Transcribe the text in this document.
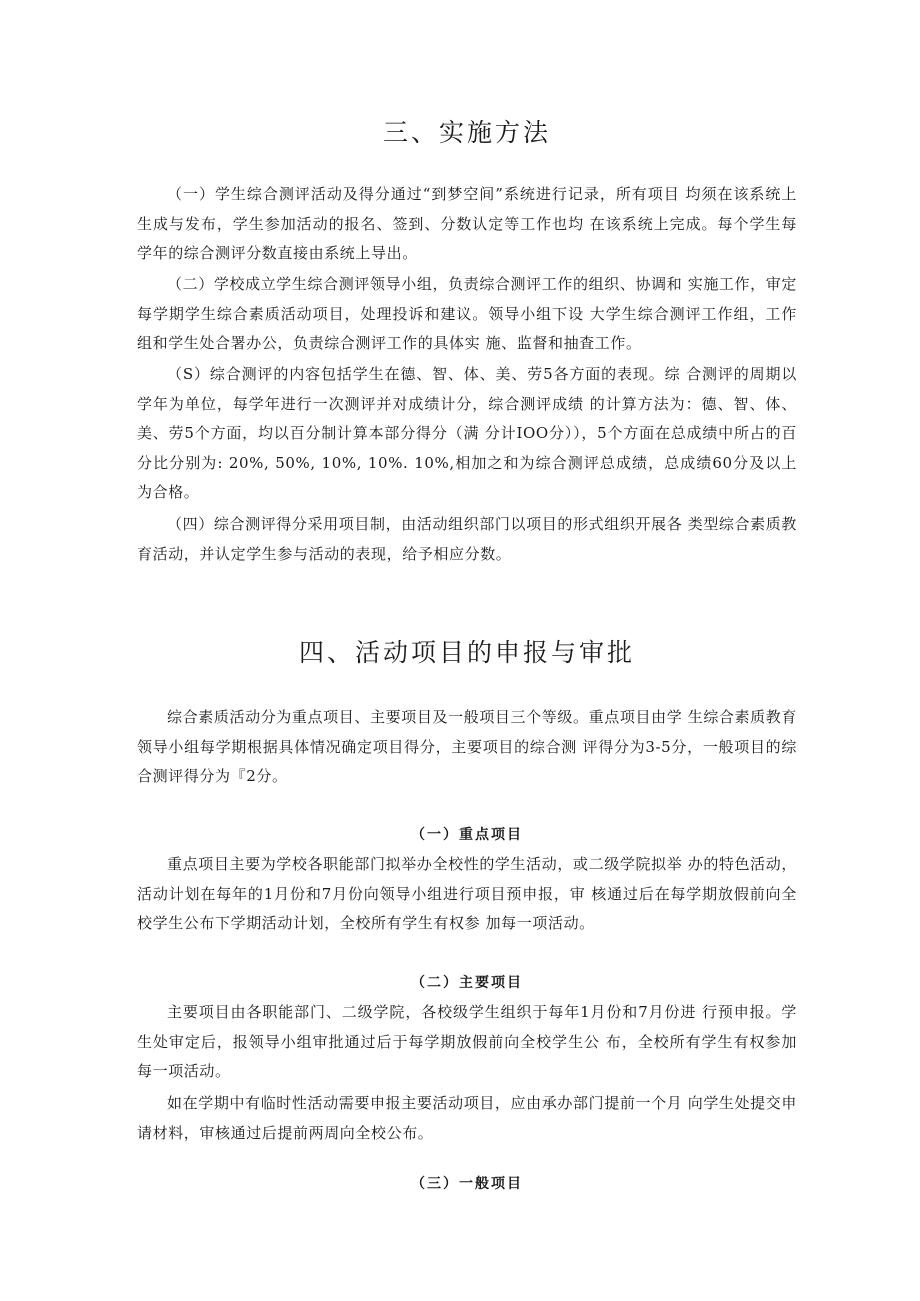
三、实施方法

（一）学生综合测评活动及得分通过“到梦空间”系统进行记录，所有项目 均须在该系统上生成与发布，学生参加活动的报名、签到、分数认定等工作也均 在该系统上完成。每个学生每学年的综合测评分数直接由系统上导出。

（二）学校成立学生综合测评领导小组，负责综合测评工作的组织、协调和 实施工作，审定每学期学生综合素质活动项目，处理投诉和建议。领导小组下设 大学生综合测评工作组，工作组和学生处合署办公，负责综合测评工作的具体实 施、监督和抽査工作。

（S）综合测评的内容包括学生在德、智、体、美、劳5各方面的表现。综 合测评的周期以学年为单位，每学年进行一次测评并对成绩计分，综合测评成绩 的计算方法为：德、智、体、美、劳5个方面，均以百分制计算本部分得分（满 分计IOO分）），5个方面在总成绩中所占的百分比分别为: 20%, 50%, 10%, 10%. 10%,相加之和为综合测评总成绩，总成绩60分及以上为合格。

（四）综合测评得分采用项目制，由活动组织部门以项目的形式组织开展各 类型综合素质教育活动，并认定学生参与活动的表现，给予相应分数。

四、活动项目的申报与审批

综合素质活动分为重点项目、主要项目及一般项目三个等级。重点项目由学 生综合素质教育领导小组每学期根据具体情况确定项目得分，主要项目的综合测 评得分为3-5分，一般项目的综合测评得分为『2分。

（一）重点项目

重点项目主要为学校各职能部门拟举办全校性的学生活动，或二级学院拟举 办的特色活动，活动计划在每年的1月份和7月份向领导小组进行项目预申报，审 核通过后在每学期放假前向全校学生公布下学期活动计划，全校所有学生有权参 加每一项活动。

（二）主要项目

主要项目由各职能部门、二级学院，各校级学生组织于每年1月份和7月份进 行预申报。学生处审定后，报领导小组审批通过后于每学期放假前向全校学生公 布，全校所有学生有权参加每一项活动。

如在学期中有临时性活动需要申报主要活动项目，应由承办部门提前一个月 向学生处提交申请材料，审核通过后提前两周向全校公布。

（三）一般项目
